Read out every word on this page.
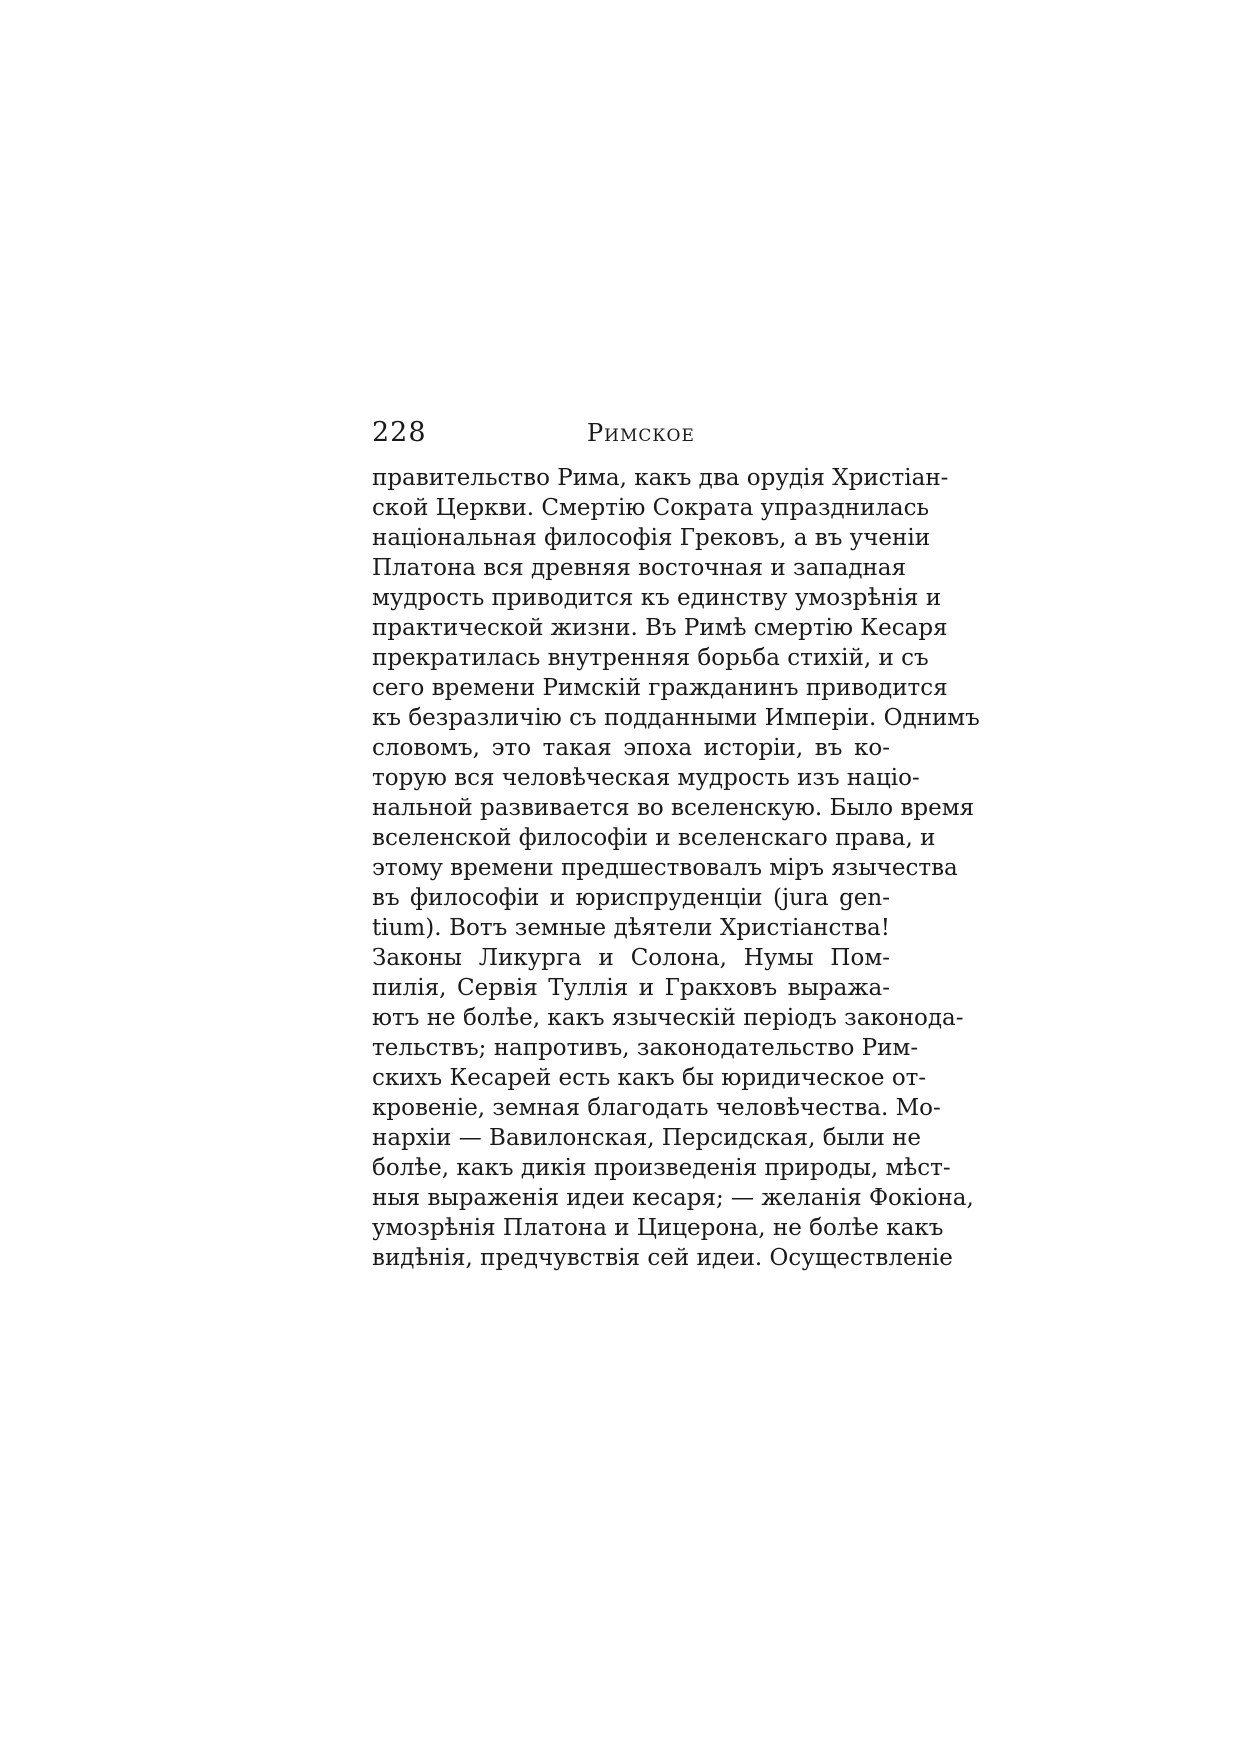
228	Римское
правительство Рима, какъ два орудія Христіан-
ской Церкви. Смертію Сократа упразднилась
національная философія Грековъ, а въ ученіи
Платона вся древняя восточная и западная
мудрость приводится къ единству умозрѣнія и
практической жизни. Въ Римѣ смертію Кесаря
прекратилась внутренняя борьба стихій, и съ
сего времени Римскій гражданинъ приводится
къ безразличію съ подданными Имперіи. Однимъ
словомъ, это такая эпоха исторіи, въ ко-
торую вся человѣческая мудрость изъ націо-
нальной развивается во вселенскую. Было время
вселенской философіи и вселенскаго права, и
этому времени предшествовалъ міръ язычества
въ философіи и юриспруденціи (jura gen-
tium). Вотъ земные дѣятели Христіанства!
Законы Ликурга и Солона, Нумы Пом-
пилія, Сервія Туллія и Гракховъ выража-
ютъ не болѣе, какъ языческій періодъ законода-
тельствъ; напротивъ, законодательство Рим-
скихъ Кесарей есть какъ бы юридическое от-
кровеніе, земная благодать человѣчества. Мо-
нархіи — Вавилонская, Персидская, были не
болѣе, какъ дикія произведенія природы, мѣст-
ныя выраженія идеи кесаря; — желанія Фокіона,
умозрѣнія Платона и Цицерона, не болѣе какъ
видѣнія, предчувствія сей идеи. Осуществленіе
